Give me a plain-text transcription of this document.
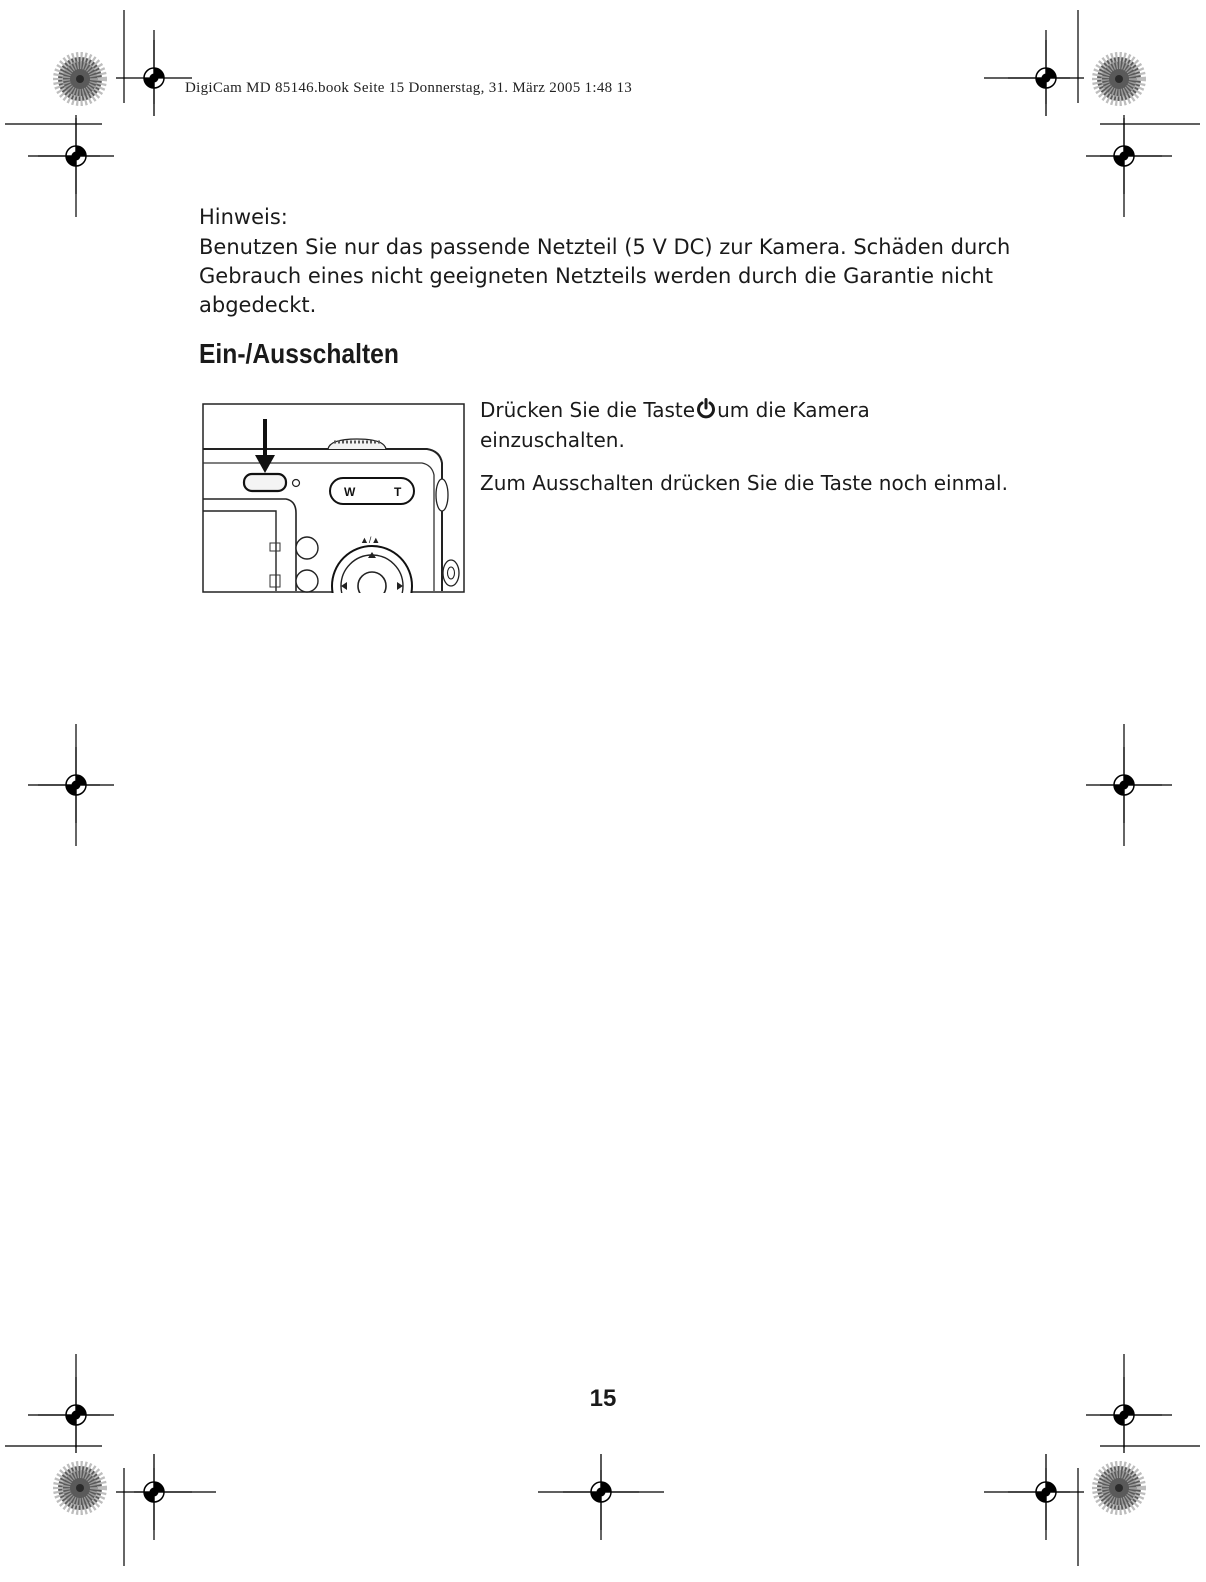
DigiCam MD 85146.book Seite 15 Donnerstag, 31. März 2005 1:48 13
Hinweis:
Benutzen Sie nur das passende Netzteil (5 V DC) zur Kamera. Schäden durch Gebrauch eines nicht geeigneten Netzteils werden durch die Garantie nicht abgedeckt.
Ein-/Ausschalten
W	T
▲/▲
Drücken Sie die Taste um die Kamera einzuschalten.
Zum Ausschalten drücken Sie die Taste noch einmal.
15
